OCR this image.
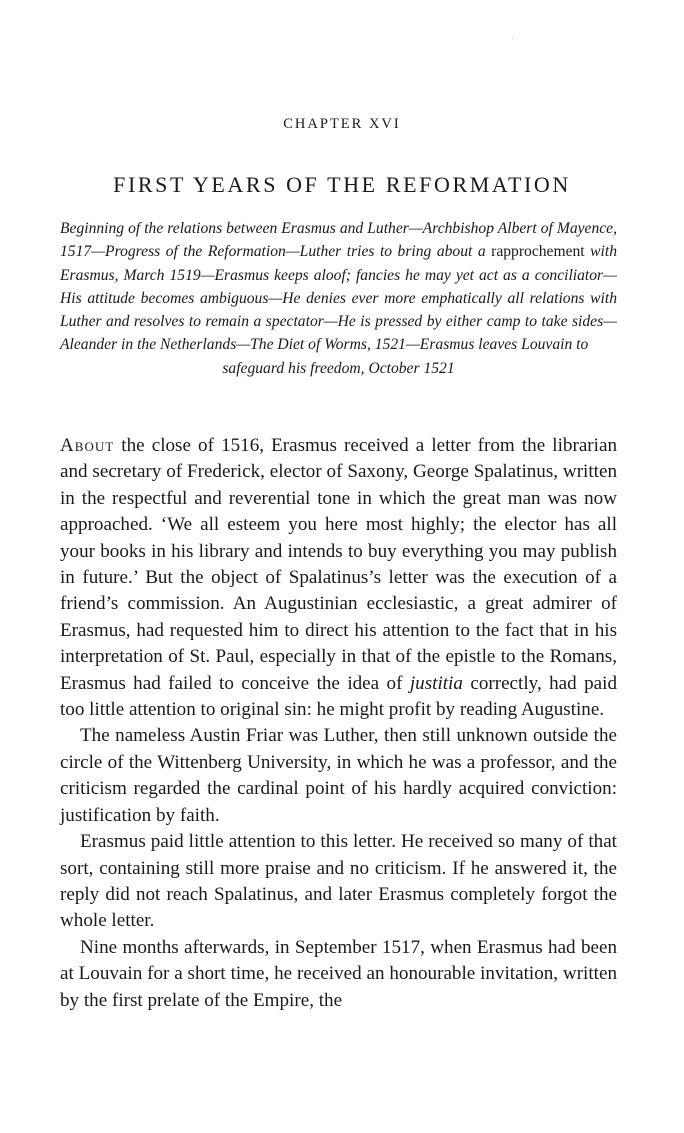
CHAPTER XVI
FIRST YEARS OF THE REFORMATION
Beginning of the relations between Erasmus and Luther—Archbishop Albert of Mayence, 1517—Progress of the Reformation—Luther tries to bring about a rapprochement with Erasmus, March 1519—Erasmus keeps aloof; fancies he may yet act as a conciliator—His attitude becomes ambiguous—He denies ever more emphatically all relations with Luther and resolves to remain a spectator—He is pressed by either camp to take sides—Aleander in the Netherlands—The Diet of Worms, 1521—Erasmus leaves Louvain to
safeguard his freedom, October 1521

About the close of 1516, Erasmus received a letter from the librarian and secretary of Frederick, elector of Saxony, George Spalatinus, written in the respectful and reverential tone in which the great man was now approached. ‘We all esteem you here most highly; the elector has all your books in his library and intends to buy everything you may publish in future.’ But the object of Spalatinus’s letter was the execution of a friend’s commission. An Augustinian ecclesiastic, a great admirer of Erasmus, had requested him to direct his attention to the fact that in his interpretation of St. Paul, especially in that of the epistle to the Romans, Erasmus had failed to conceive the idea of justitia correctly, had paid too little attention to original sin: he might profit by reading Augustine.

The nameless Austin Friar was Luther, then still unknown outside the circle of the Wittenberg University, in which he was a professor, and the criticism regarded the cardinal point of his hardly acquired conviction: justification by faith.

Erasmus paid little attention to this letter. He received so many of that sort, containing still more praise and no criticism. If he answered it, the reply did not reach Spalatinus, and later Erasmus completely forgot the whole letter.

Nine months afterwards, in September 1517, when Erasmus had been at Louvain for a short time, he received an honourable invitation, written by the first prelate of the Empire, the
